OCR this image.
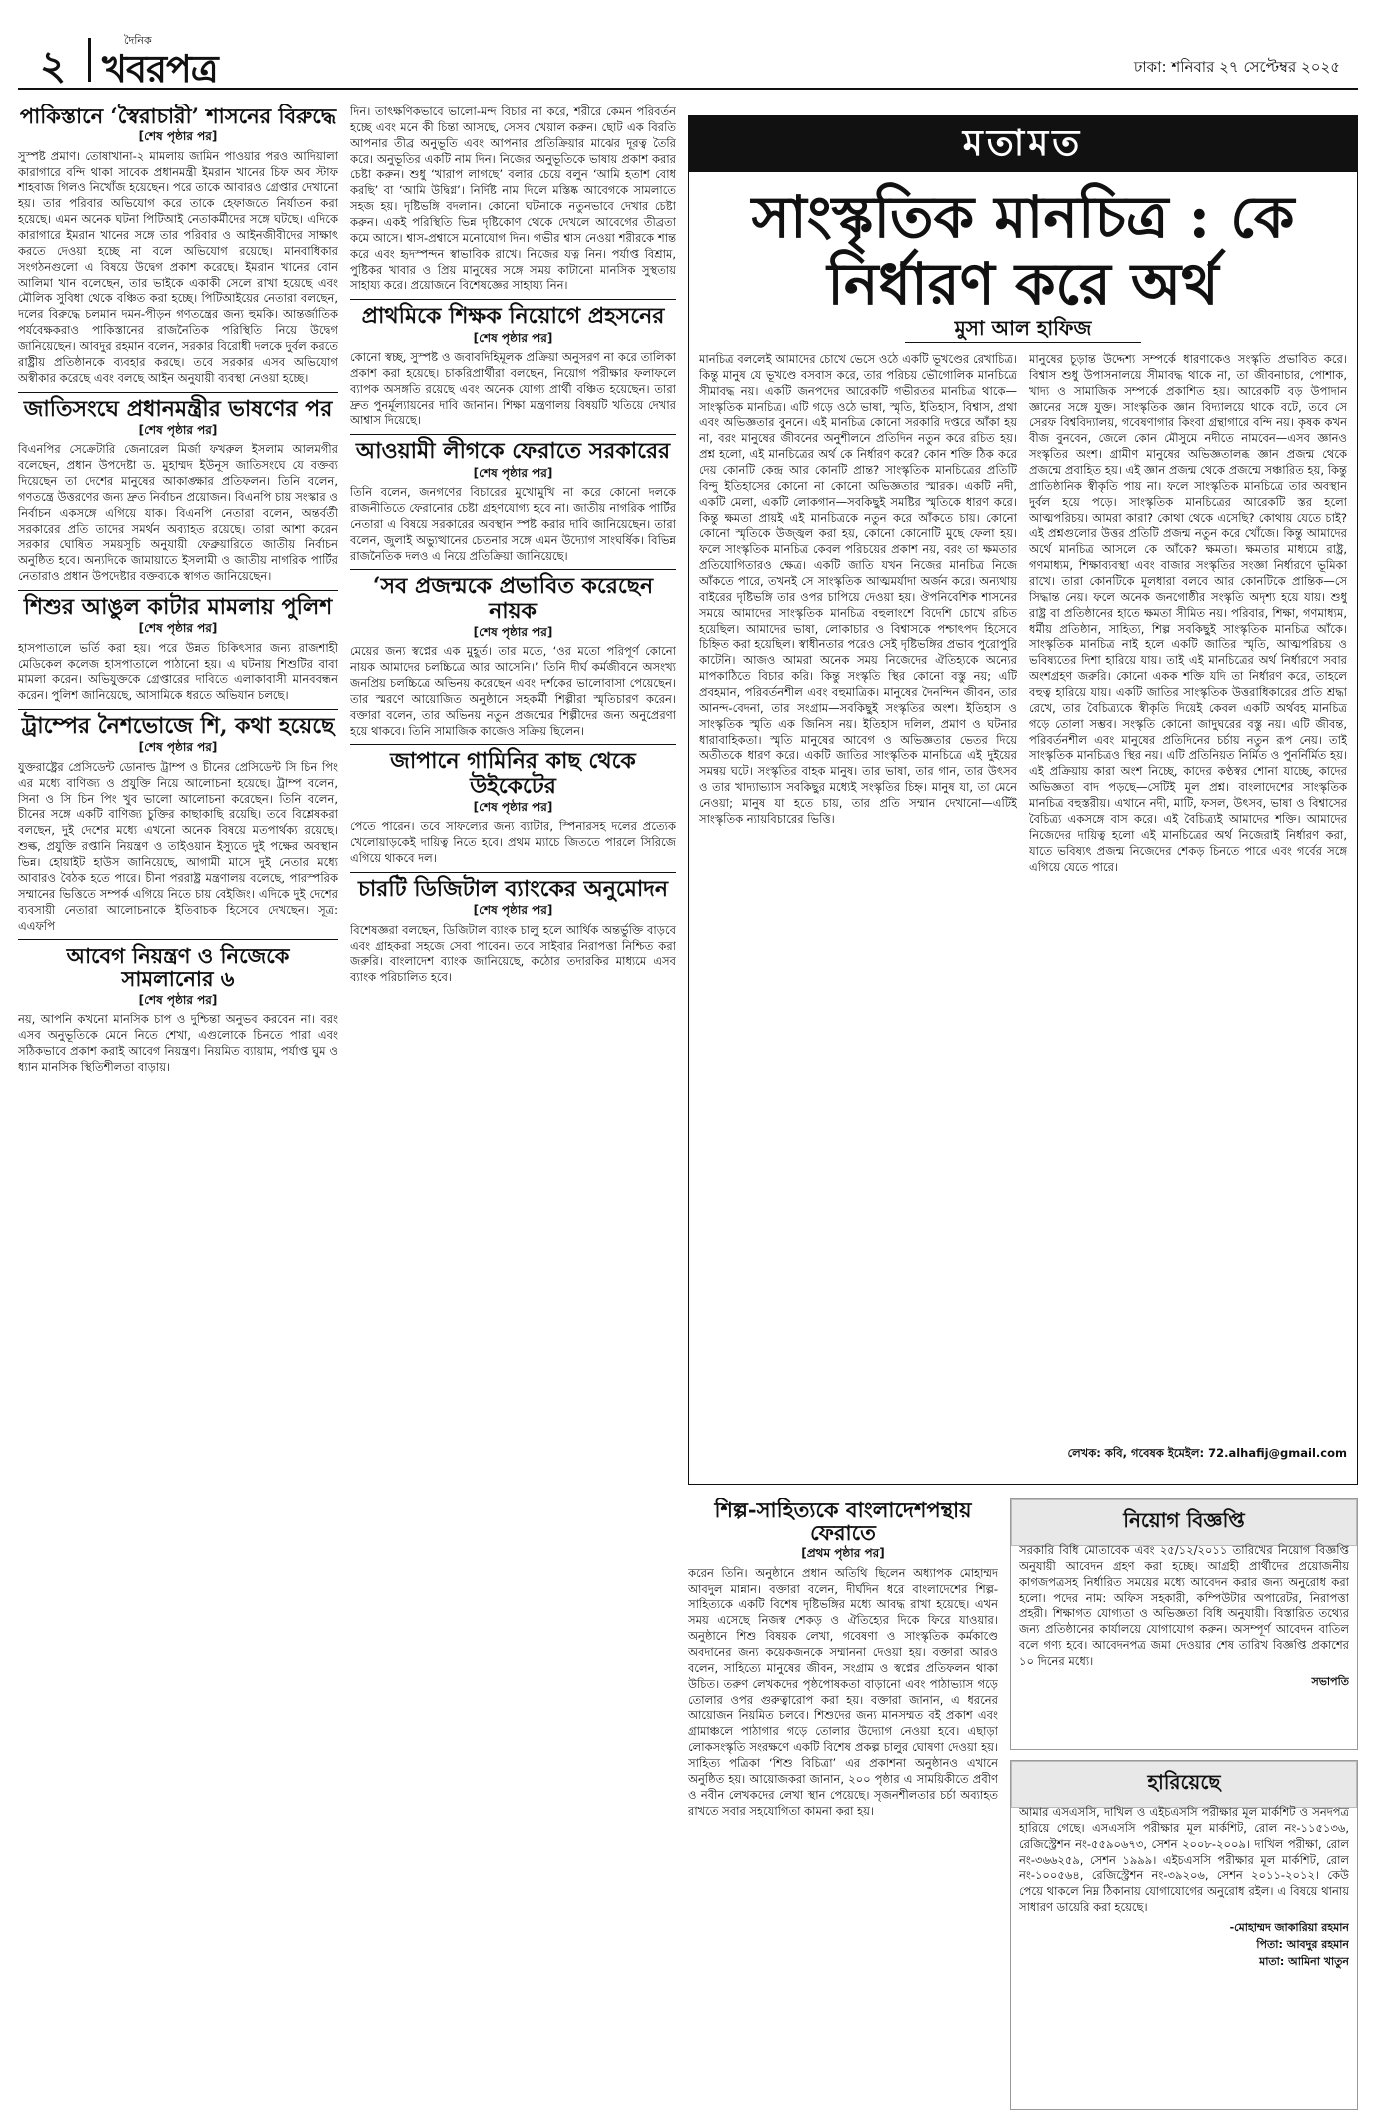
২
দৈনিক
খবরপত্র	ঢাকা: শনিবার ২৭ সেপ্টেম্বর ২০২৫
পাকিস্তানে ‘স্বৈরাচারী’ শাসনের বিরুদ্ধে
[শেষ পৃষ্ঠার পর]

সুস্পষ্ট প্রমাণ। তোষাখানা-২ মামলায় জামিন পাওয়ার পরও আদিয়ালা কারাগারে বন্দি থাকা সাবেক প্রধানমন্ত্রী ইমরান খানের চিফ অব স্টাফ শাহবাজ গিলও নিখোঁজ হয়েছেন। পরে তাকে আবারও গ্রেপ্তার দেখানো হয়। তার পরিবার অভিযোগ করে তাকে হেফাজতে নির্যাতন করা হয়েছে। এমন অনেক ঘটনা পিটিআই নেতাকর্মীদের সঙ্গে ঘটছে। এদিকে কারাগারে ইমরান খানের সঙ্গে তার পরিবার ও আইনজীবীদের সাক্ষাৎ করতে দেওয়া হচ্ছে না বলে অভিযোগ রয়েছে। মানবাধিকার সংগঠনগুলো এ বিষয়ে উদ্বেগ প্রকাশ করেছে। ইমরান খানের বোন আলিমা খান বলেছেন, তার ভাইকে একাকী সেলে রাখা হয়েছে এবং মৌলিক সুবিধা থেকে বঞ্চিত করা হচ্ছে। পিটিআইয়ের নেতারা বলছেন, দলের বিরুদ্ধে চলমান দমন-পীড়ন গণতন্ত্রের জন্য হুমকি। আন্তর্জাতিক পর্যবেক্ষকরাও পাকিস্তানের রাজনৈতিক পরিস্থিতি নিয়ে উদ্বেগ জানিয়েছেন। আবদুর রহমান বলেন, সরকার বিরোধী দলকে দুর্বল করতে রাষ্ট্রীয় প্রতিষ্ঠানকে ব্যবহার করছে। তবে সরকার এসব অভিযোগ অস্বীকার করেছে এবং বলছে আইন অনুযায়ী ব্যবস্থা নেওয়া হচ্ছে।

জাতিসংঘে প্রধানমন্ত্রীর ভাষণের পর
[শেষ পৃষ্ঠার পর]

বিএনপির সেক্রেটারি জেনারেল মির্জা ফখরুল ইসলাম আলমগীর বলেছেন, প্রধান উপদেষ্টা ড. মুহাম্মদ ইউনূস জাতিসংঘে যে বক্তব্য দিয়েছেন তা দেশের মানুষের আকাঙ্ক্ষার প্রতিফলন। তিনি বলেন, গণতন্ত্রে উত্তরণের জন্য দ্রুত নির্বাচন প্রয়োজন। বিএনপি চায় সংস্কার ও নির্বাচন একসঙ্গে এগিয়ে যাক। বিএনপি নেতারা বলেন, অন্তর্বর্তী সরকারের প্রতি তাদের সমর্থন অব্যাহত রয়েছে। তারা আশা করেন সরকার ঘোষিত সময়সূচি অনুযায়ী ফেব্রুয়ারিতে জাতীয় নির্বাচন অনুষ্ঠিত হবে। অন্যদিকে জামায়াতে ইসলামী ও জাতীয় নাগরিক পার্টির নেতারাও প্রধান উপদেষ্টার বক্তব্যকে স্বাগত জানিয়েছেন।

শিশুর আঙুল কাটার মামলায় পুলিশ
[শেষ পৃষ্ঠার পর]

হাসপাতালে ভর্তি করা হয়। পরে উন্নত চিকিৎসার জন্য রাজশাহী মেডিকেল কলেজ হাসপাতালে পাঠানো হয়। এ ঘটনায় শিশুটির বাবা মামলা করেন। অভিযুক্তকে গ্রেপ্তারের দাবিতে এলাকাবাসী মানববন্ধন করেন। পুলিশ জানিয়েছে, আসামিকে ধরতে অভিযান চলছে।

ট্রাম্পের নৈশভোজে শি, কথা হয়েছে
[শেষ পৃষ্ঠার পর]

যুক্তরাষ্ট্রের প্রেসিডেন্ট ডোনাল্ড ট্রাম্প ও চীনের প্রেসিডেন্ট সি চিন পিং এর মধ্যে বাণিজ্য ও প্রযুক্তি নিয়ে আলোচনা হয়েছে। ট্রাম্প বলেন, সিনা ও সি চিন পিং খুব ভালো আলোচনা করেছেন। তিনি বলেন, চীনের সঙ্গে একটি বাণিজ্য চুক্তির কাছাকাছি রয়েছি। তবে বিশ্লেষকরা বলছেন, দুই দেশের মধ্যে এখনো অনেক বিষয়ে মতপার্থক্য রয়েছে। শুল্ক, প্রযুক্তি রপ্তানি নিয়ন্ত্রণ ও তাইওয়ান ইস্যুতে দুই পক্ষের অবস্থান ভিন্ন। হোয়াইট হাউস জানিয়েছে, আগামী মাসে দুই নেতার মধ্যে আবারও বৈঠক হতে পারে। চীনা পররাষ্ট্র মন্ত্রণালয় বলেছে, পারস্পরিক সম্মানের ভিত্তিতে সম্পর্ক এগিয়ে নিতে চায় বেইজিং। এদিকে দুই দেশের ব্যবসায়ী নেতারা আলোচনাকে ইতিবাচক হিসেবে দেখছেন। সূত্র: এএফপি

আবেগ নিয়ন্ত্রণ ও নিজেকে সামলানোর ৬
[শেষ পৃষ্ঠার পর]

নয়, আপনি কখনো মানসিক চাপ ও দুশ্চিন্তা অনুভব করবেন না। বরং এসব অনুভূতিকে মেনে নিতে শেখা, এগুলোকে চিনতে পারা এবং সঠিকভাবে প্রকাশ করাই আবেগ নিয়ন্ত্রণ। নিয়মিত ব্যায়াম, পর্যাপ্ত ঘুম ও ধ্যান মানসিক স্থিতিশীলতা বাড়ায়।

দিন। তাৎক্ষণিকভাবে ভালো-মন্দ বিচার না করে, শরীরে কেমন পরিবর্তন হচ্ছে এবং মনে কী চিন্তা আসছে, সেসব খেয়াল করুন। ছোট এক বিরতি আপনার তীব্র অনুভূতি এবং আপনার প্রতিক্রিয়ার মাঝের দূরত্ব তৈরি করে। অনুভূতির একটি নাম দিন। নিজের অনুভূতিকে ভাষায় প্রকাশ করার চেষ্টা করুন। শুধু ‘খারাপ লাগছে’ বলার চেয়ে বলুন ‘আমি হতাশ বোধ করছি’ বা ‘আমি উদ্বিগ্ন’। নির্দিষ্ট নাম দিলে মস্তিষ্ক আবেগকে সামলাতে সহজ হয়। দৃষ্টিভঙ্গি বদলান। কোনো ঘটনাকে নতুনভাবে দেখার চেষ্টা করুন। একই পরিস্থিতি ভিন্ন দৃষ্টিকোণ থেকে দেখলে আবেগের তীব্রতা কমে আসে। শ্বাস-প্রশ্বাসে মনোযোগ দিন। গভীর শ্বাস নেওয়া শরীরকে শান্ত করে এবং হৃদস্পন্দন স্বাভাবিক রাখে। নিজের যত্ন নিন। পর্যাপ্ত বিশ্রাম, পুষ্টিকর খাবার ও প্রিয় মানুষের সঙ্গে সময় কাটানো মানসিক সুস্থতায় সাহায্য করে। প্রয়োজনে বিশেষজ্ঞের সাহায্য নিন।

প্রাথমিকে শিক্ষক নিয়োগে প্রহসনের
[শেষ পৃষ্ঠার পর]

কোনো স্বচ্ছ, সুস্পষ্ট ও জবাবদিহিমূলক প্রক্রিয়া অনুসরণ না করে তালিকা প্রকাশ করা হয়েছে। চাকরিপ্রার্থীরা বলছেন, নিয়োগ পরীক্ষার ফলাফলে ব্যাপক অসঙ্গতি রয়েছে এবং অনেক যোগ্য প্রার্থী বঞ্চিত হয়েছেন। তারা দ্রুত পুনর্মূল্যায়নের দাবি জানান। শিক্ষা মন্ত্রণালয় বিষয়টি খতিয়ে দেখার আশ্বাস দিয়েছে।

আওয়ামী লীগকে ফেরাতে সরকারের
[শেষ পৃষ্ঠার পর]

তিনি বলেন, জনগণের বিচারের মুখোমুখি না করে কোনো দলকে রাজনীতিতে ফেরানোর চেষ্টা গ্রহণযোগ্য হবে না। জাতীয় নাগরিক পার্টির নেতারা এ বিষয়ে সরকারের অবস্থান স্পষ্ট করার দাবি জানিয়েছেন। তারা বলেন, জুলাই অভ্যুত্থানের চেতনার সঙ্গে এমন উদ্যোগ সাংঘর্ষিক। বিভিন্ন রাজনৈতিক দলও এ নিয়ে প্রতিক্রিয়া জানিয়েছে।

‘সব প্রজন্মকে প্রভাবিত করেছেন নায়ক
[শেষ পৃষ্ঠার পর]

মেয়ের জন্য স্বপ্নের এক মুহূর্ত। তার মতে, ‘ওর মতো পরিপূর্ণ কোনো নায়ক আমাদের চলচ্চিত্রে আর আসেনি।’ তিনি দীর্ঘ কর্মজীবনে অসংখ্য জনপ্রিয় চলচ্চিত্রে অভিনয় করেছেন এবং দর্শকের ভালোবাসা পেয়েছেন। তার স্মরণে আয়োজিত অনুষ্ঠানে সহকর্মী শিল্পীরা স্মৃতিচারণ করেন। বক্তারা বলেন, তার অভিনয় নতুন প্রজন্মের শিল্পীদের জন্য অনুপ্রেরণা হয়ে থাকবে। তিনি সামাজিক কাজেও সক্রিয় ছিলেন।

জাপানে গামিনির কাছ থেকে উইকেটের
[শেষ পৃষ্ঠার পর]

পেতে পারেন। তবে সাফল্যের জন্য ব্যাটার, স্পিনারসহ দলের প্রত্যেক খেলোয়াড়কেই দায়িত্ব নিতে হবে। প্রথম ম্যাচে জিততে পারলে সিরিজে এগিয়ে থাকবে দল।

চারটি ডিজিটাল ব্যাংকের অনুমোদন
[শেষ পৃষ্ঠার পর]

বিশেষজ্ঞরা বলছেন, ডিজিটাল ব্যাংক চালু হলে আর্থিক অন্তর্ভুক্তি বাড়বে এবং গ্রাহকরা সহজে সেবা পাবেন। তবে সাইবার নিরাপত্তা নিশ্চিত করা জরুরি। বাংলাদেশ ব্যাংক জানিয়েছে, কঠোর তদারকির মাধ্যমে এসব ব্যাংক পরিচালিত হবে।

মতামত
সাংস্কৃতিক মানচিত্র : কে নির্ধারণ করে অর্থ
মুসা আল হাফিজ

মানচিত্র বললেই আমাদের চোখে ভেসে ওঠে একটি ভূখণ্ডের রেখাচিত্র। কিন্তু মানুষ যে ভূখণ্ডে বসবাস করে, তার পরিচয় ভৌগোলিক মানচিত্রে সীমাবদ্ধ নয়। একটি জনপদের আরেকটি গভীরতর মানচিত্র থাকে—সাংস্কৃতিক মানচিত্র। এটি গড়ে ওঠে ভাষা, স্মৃতি, ইতিহাস, বিশ্বাস, প্রথা এবং অভিজ্ঞতার বুননে। এই মানচিত্র কোনো সরকারি দপ্তরে আঁকা হয় না, বরং মানুষের জীবনের অনুশীলনে প্রতিদিন নতুন করে রচিত হয়। প্রশ্ন হলো, এই মানচিত্রের অর্থ কে নির্ধারণ করে? কোন শক্তি ঠিক করে দেয় কোনটি কেন্দ্র আর কোনটি প্রান্ত? সাংস্কৃতিক মানচিত্রের প্রতিটি বিন্দু ইতিহাসের কোনো না কোনো অভিজ্ঞতার স্মারক। একটি নদী, একটি মেলা, একটি লোকগান—সবকিছুই সমষ্টির স্মৃতিকে ধারণ করে। কিন্তু ক্ষমতা প্রায়ই এই মানচিত্রকে নতুন করে আঁকতে চায়। কোনো কোনো স্মৃতিকে উজ্জ্বল করা হয়, কোনো কোনোটি মুছে ফেলা হয়। ফলে সাংস্কৃতিক মানচিত্র কেবল পরিচয়ের প্রকাশ নয়, বরং তা ক্ষমতার প্রতিযোগিতারও ক্ষেত্র। একটি জাতি যখন নিজের মানচিত্র নিজে আঁকতে পারে, তখনই সে সাংস্কৃতিক আত্মমর্যাদা অর্জন করে। অন্যথায় বাইরের দৃষ্টিভঙ্গি তার ওপর চাপিয়ে দেওয়া হয়। ঔপনিবেশিক শাসনের সময়ে আমাদের সাংস্কৃতিক মানচিত্র বহুলাংশে বিদেশি চোখে রচিত হয়েছিল। আমাদের ভাষা, লোকাচার ও বিশ্বাসকে পশ্চাৎপদ হিসেবে চিহ্নিত করা হয়েছিল। স্বাধীনতার পরেও সেই দৃষ্টিভঙ্গির প্রভাব পুরোপুরি কাটেনি। আজও আমরা অনেক সময় নিজেদের ঐতিহ্যকে অন্যের মাপকাঠিতে বিচার করি। কিন্তু সংস্কৃতি স্থির কোনো বস্তু নয়; এটি প্রবহমান, পরিবর্তনশীল এবং বহুমাত্রিক। মানুষের দৈনন্দিন জীবন, তার আনন্দ-বেদনা, তার সংগ্রাম—সবকিছুই সংস্কৃতির অংশ। ইতিহাস ও সাংস্কৃতিক স্মৃতি এক জিনিস নয়। ইতিহাস দলিল, প্রমাণ ও ঘটনার ধারাবাহিকতা। স্মৃতি মানুষের আবেগ ও অভিজ্ঞতার ভেতর দিয়ে অতীতকে ধারণ করে। একটি জাতির সাংস্কৃতিক মানচিত্রে এই দুইয়ের সমন্বয় ঘটে। সংস্কৃতির বাহক মানুষ। তার ভাষা, তার গান, তার উৎসব ও তার খাদ্যাভ্যাস সবকিছুর মধ্যেই সংস্কৃতির চিহ্ন। মানুষ যা, তা মেনে নেওয়া; মানুষ যা হতে চায়, তার প্রতি সম্মান দেখানো—এটিই সাংস্কৃতিক ন্যায়বিচারের ভিত্তি।

মানুষের চূড়ান্ত উদ্দেশ্য সম্পর্কে ধারণাকেও সংস্কৃতি প্রভাবিত করে। বিশ্বাস শুধু উপাসনালয়ে সীমাবদ্ধ থাকে না, তা জীবনাচার, পোশাক, খাদ্য ও সামাজিক সম্পর্কে প্রকাশিত হয়। আরেকটি বড় উপাদান জ্ঞানের সঙ্গে যুক্ত। সাংস্কৃতিক জ্ঞান বিদ্যালয়ে থাকে বটে, তবে সে সেরফ বিশ্ববিদ্যালয়, গবেষণাগার কিংবা গ্রন্থাগারে বন্দি নয়। কৃষক কখন বীজ বুনবেন, জেলে কোন মৌসুমে নদীতে নামবেন—এসব জ্ঞানও সংস্কৃতির অংশ। গ্রামীণ মানুষের অভিজ্ঞতালব্ধ জ্ঞান প্রজন্ম থেকে প্রজন্মে প্রবাহিত হয়। এই জ্ঞান প্রজন্ম থেকে প্রজন্মে সঞ্চারিত হয়, কিন্তু প্রাতিষ্ঠানিক স্বীকৃতি পায় না। ফলে সাংস্কৃতিক মানচিত্রে তার অবস্থান দুর্বল হয়ে পড়ে। সাংস্কৃতিক মানচিত্রের আরেকটি স্তর হলো আত্মপরিচয়। আমরা কারা? কোথা থেকে এসেছি? কোথায় যেতে চাই? এই প্রশ্নগুলোর উত্তর প্রতিটি প্রজন্ম নতুন করে খোঁজে। কিন্তু আমাদের অর্থে মানচিত্র আসলে কে আঁকে? ক্ষমতা। ক্ষমতার মাধ্যমে রাষ্ট্র, গণমাধ্যম, শিক্ষাব্যবস্থা এবং বাজার সংস্কৃতির সংজ্ঞা নির্ধারণে ভূমিকা রাখে। তারা কোনটিকে মূলধারা বলবে আর কোনটিকে প্রান্তিক—সে সিদ্ধান্ত নেয়। ফলে অনেক জনগোষ্ঠীর সংস্কৃতি অদৃশ্য হয়ে যায়। শুধু রাষ্ট্র বা প্রতিষ্ঠানের হাতে ক্ষমতা সীমিত নয়। পরিবার, শিক্ষা, গণমাধ্যম, ধর্মীয় প্রতিষ্ঠান, সাহিত্য, শিল্প সবকিছুই সাংস্কৃতিক মানচিত্র আঁকে। সাংস্কৃতিক মানচিত্র নাই হলে একটি জাতির স্মৃতি, আত্মপরিচয় ও ভবিষ্যতের দিশা হারিয়ে যায়। তাই এই মানচিত্রের অর্থ নির্ধারণে সবার অংশগ্রহণ জরুরি। কোনো একক শক্তি যদি তা নির্ধারণ করে, তাহলে বহুত্ব হারিয়ে যায়। একটি জাতির সাংস্কৃতিক উত্তরাধিকারের প্রতি শ্রদ্ধা রেখে, তার বৈচিত্র্যকে স্বীকৃতি দিয়েই কেবল একটি অর্থবহ মানচিত্র গড়ে তোলা সম্ভব। সংস্কৃতি কোনো জাদুঘরের বস্তু নয়। এটি জীবন্ত, পরিবর্তনশীল এবং মানুষের প্রতিদিনের চর্চায় নতুন রূপ নেয়। তাই সাংস্কৃতিক মানচিত্রও স্থির নয়। এটি প্রতিনিয়ত নির্মিত ও পুনর্নির্মিত হয়। এই প্রক্রিয়ায় কারা অংশ নিচ্ছে, কাদের কণ্ঠস্বর শোনা যাচ্ছে, কাদের অভিজ্ঞতা বাদ পড়ছে—সেটিই মূল প্রশ্ন। বাংলাদেশের সাংস্কৃতিক মানচিত্র বহুস্তরীয়। এখানে নদী, মাটি, ফসল, উৎসব, ভাষা ও বিশ্বাসের বৈচিত্র্য একসঙ্গে বাস করে। এই বৈচিত্র্যই আমাদের শক্তি। আমাদের নিজেদের দায়িত্ব হলো এই মানচিত্রের অর্থ নিজেরাই নির্ধারণ করা, যাতে ভবিষ্যৎ প্রজন্ম নিজেদের শেকড় চিনতে পারে এবং গর্বের সঙ্গে এগিয়ে যেতে পারে।

লেখক: কবি, গবেষক ইমেইল: 72.alhafij@gmail.com
শিল্প-সাহিত্যকে বাংলাদেশপন্থায় ফেরাতে
[প্রথম পৃষ্ঠার পর]

করেন তিনি। অনুষ্ঠানে প্রধান অতিথি ছিলেন অধ্যাপক মোহাম্মদ আবদুল মান্নান। বক্তারা বলেন, দীর্ঘদিন ধরে বাংলাদেশের শিল্প-সাহিত্যকে একটি বিশেষ দৃষ্টিভঙ্গির মধ্যে আবদ্ধ রাখা হয়েছে। এখন সময় এসেছে নিজস্ব শেকড় ও ঐতিহ্যের দিকে ফিরে যাওয়ার। অনুষ্ঠানে শিশু বিষয়ক লেখা, গবেষণা ও সাংস্কৃতিক কর্মকাণ্ডে অবদানের জন্য কয়েকজনকে সম্মাননা দেওয়া হয়। বক্তারা আরও বলেন, সাহিত্যে মানুষের জীবন, সংগ্রাম ও স্বপ্নের প্রতিফলন থাকা উচিত। তরুণ লেখকদের পৃষ্ঠপোষকতা বাড়ানো এবং পাঠাভ্যাস গড়ে তোলার ওপর গুরুত্বারোপ করা হয়। বক্তারা জানান, এ ধরনের আয়োজন নিয়মিত চলবে। শিশুদের জন্য মানসম্মত বই প্রকাশ এবং গ্রামাঞ্চলে পাঠাগার গড়ে তোলার উদ্যোগ নেওয়া হবে। এছাড়া লোকসংস্কৃতি সংরক্ষণে একটি বিশেষ প্রকল্প চালুর ঘোষণা দেওয়া হয়। সাহিত্য পত্রিকা ‘শিশু বিচিত্রা’ এর প্রকাশনা অনুষ্ঠানও এখানে অনুষ্ঠিত হয়। আয়োজকরা জানান, ২০০ পৃষ্ঠার এ সাময়িকীতে প্রবীণ ও নবীন লেখকদের লেখা স্থান পেয়েছে। সৃজনশীলতার চর্চা অব্যাহত রাখতে সবার সহযোগিতা কামনা করা হয়।

নিয়োগ বিজ্ঞপ্তি

সরকারি বিধি মোতাবেক এবং ২৫/১২/২০১১ তারিখের নিয়োগ বিজ্ঞপ্তি অনুযায়ী আবেদন গ্রহণ করা হচ্ছে। আগ্রহী প্রার্থীদের প্রয়োজনীয় কাগজপত্রসহ নির্ধারিত সময়ের মধ্যে আবেদন করার জন্য অনুরোধ করা হলো। পদের নাম: অফিস সহকারী, কম্পিউটার অপারেটর, নিরাপত্তা প্রহরী। শিক্ষাগত যোগ্যতা ও অভিজ্ঞতা বিধি অনুযায়ী। বিস্তারিত তথ্যের জন্য প্রতিষ্ঠানের কার্যালয়ে যোগাযোগ করুন। অসম্পূর্ণ আবেদন বাতিল বলে গণ্য হবে। আবেদনপত্র জমা দেওয়ার শেষ তারিখ বিজ্ঞপ্তি প্রকাশের ১০ দিনের মধ্যে।

সভাপতি
হারিয়েছে

আমার এসএসসি, দাখিল ও এইচএসসি পরীক্ষার মূল মার্কশিট ও সনদপত্র হারিয়ে গেছে। এসএসসি পরীক্ষার মূল মার্কশিট, রোল নং-১১৫১৩৬, রেজিস্ট্রেশন নং-৫৫৯০৬৭৩, সেশন ২০০৮-২০০৯। দাখিল পরীক্ষা, রোল নং-৩৬৬২৫৯, সেশন ১৯৯৯। এইচএসসি পরীক্ষার মূল মার্কশিট, রোল নং-১০০৫৬৪, রেজিস্ট্রেশন নং-৩৯২০৬, সেশন ২০১১-২০১২। কেউ পেয়ে থাকলে নিম্ন ঠিকানায় যোগাযোগের অনুরোধ রইল। এ বিষয়ে থানায় সাধারণ ডায়েরি করা হয়েছে।

-মোহাম্মদ জাকারিয়া রহমান
পিতা: আবদুর রহমান
মাতা: আমিনা খাতুন
